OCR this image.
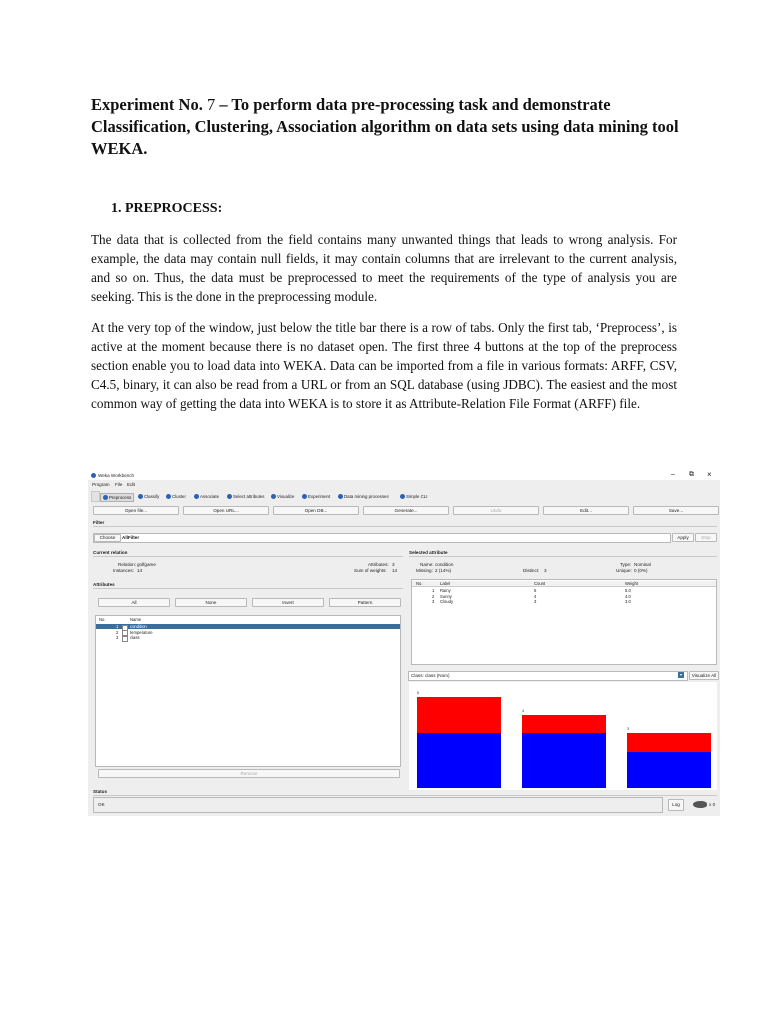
Experiment No. 7 – To perform data pre-processing task and demonstrate Classification, Clustering, Association algorithm on data sets using data mining tool WEKA.
1. PREPROCESS:
The data that is collected from the field contains many unwanted things that leads to wrong analysis. For example, the data may contain null fields, it may contain columns that are irrelevant to the current analysis, and so on. Thus, the data must be preprocessed to meet the requirements of the type of analysis you are seeking. This is the done in the preprocessing module.
At the very top of the window, just below the title bar there is a row of tabs. Only the first tab, ‘Preprocess’, is active at the moment because there is no dataset open. The first three 4 buttons at the top of the preprocess section enable you to load data into WEKA. Data can be imported from a file in various formats: ARFF, CSV, C4.5, binary, it can also be read from a URL or from an SQL database (using JDBC). The easiest and the most common way of getting the data into WEKA is to store it as Attribute-Relation File Format (ARFF) file.
Weka Workbench	– ⧉ ×
Program File Edit
Preprocess	Classify	Cluster	Associate	Select attributes	Visualize	Experiment	Data mining processes	Simple CLI
Open file...	Open URL...	Open DB...	Generate...	Undo	Edit...	Save...
Filter
Choose	AllFilter	Apply	Stop
Current relation
Relation: golfgame
Instances: 14
Attributes: 3
Sum of weights: 14
Attributes
All	None	Invert	Pattern
No.	Name
1	condition
2	temperature
3	class
Remove
Selected attribute
Name: condition
Missing: 2 (14%)	Distinct: 3
Type: Nominal
Unique: 0 (0%)
No.	Label	Count	Weight
1 Rainy	5	5.0
2 Sunny	4	4.0
3 Cloudy	3	3.0
Class: class (Nom)	▾	Visualize All
5
4
3
Status
OK	Log	x 0
